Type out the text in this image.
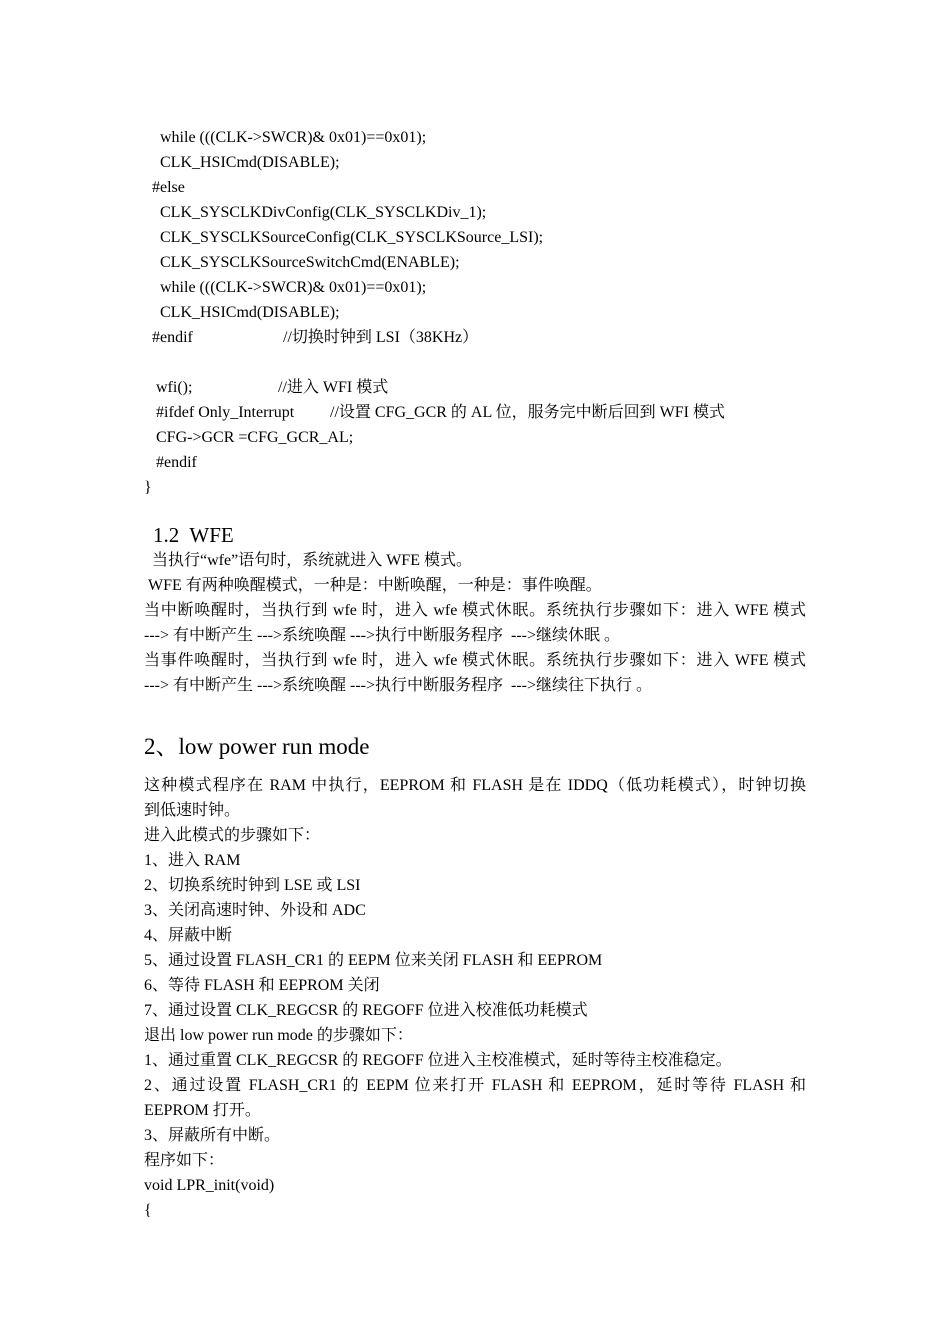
while (((CLK->SWCR)& 0x01)==0x01);
CLK_HSICmd(DISABLE);
#else
CLK_SYSCLKDivConfig(CLK_SYSCLKDiv_1);
CLK_SYSCLKSourceConfig(CLK_SYSCLKSource_LSI);
CLK_SYSCLKSourceSwitchCmd(ENABLE);
while (((CLK->SWCR)& 0x01)==0x01);
CLK_HSICmd(DISABLE);
#endif	//切换时钟到 LSI（38KHz）
wfi();	//进入 WFI 模式
#ifdef Only_Interrupt //设置 CFG_GCR 的 AL 位，服务完中断后回到 WFI 模式
CFG->GCR =CFG_GCR_AL;
#endif
}
1.2  WFE
当执行“wfe”语句时，系统就进入 WFE 模式。
WFE 有两种唤醒模式，一种是：中断唤醒，一种是：事件唤醒。
当中断唤醒时，当执行到 wfe 时，进入 wfe 模式休眠。系统执行步骤如下：进入 WFE 模式
---> 有中断产生 --->系统唤醒 --->执行中断服务程序  --->继续休眠 。
当事件唤醒时，当执行到 wfe 时，进入 wfe 模式休眠。系统执行步骤如下：进入 WFE 模式
---> 有中断产生 --->系统唤醒 --->执行中断服务程序  --->继续往下执行 。
2、low power run mode
这种模式程序在 RAM 中执行，EEPROM 和 FLASH 是在 IDDQ（低功耗模式），时钟切换
到低速时钟。
进入此模式的步骤如下：
1、进入 RAM
2、切换系统时钟到 LSE 或 LSI
3、关闭高速时钟、外设和 ADC
4、屏蔽中断
5、通过设置 FLASH_CR1 的 EEPM 位来关闭 FLASH 和 EEPROM
6、等待 FLASH 和 EEPROM 关闭
7、通过设置 CLK_REGCSR 的 REGOFF 位进入校准低功耗模式
退出 low power run mode 的步骤如下：
1、通过重置 CLK_REGCSR 的 REGOFF 位进入主校准模式，延时等待主校准稳定。
2、通过设置 FLASH_CR1 的 EEPM 位来打开 FLASH 和 EEPROM，延时等待 FLASH 和
EEPROM 打开。
3、屏蔽所有中断。
程序如下：
void LPR_init(void)
{
